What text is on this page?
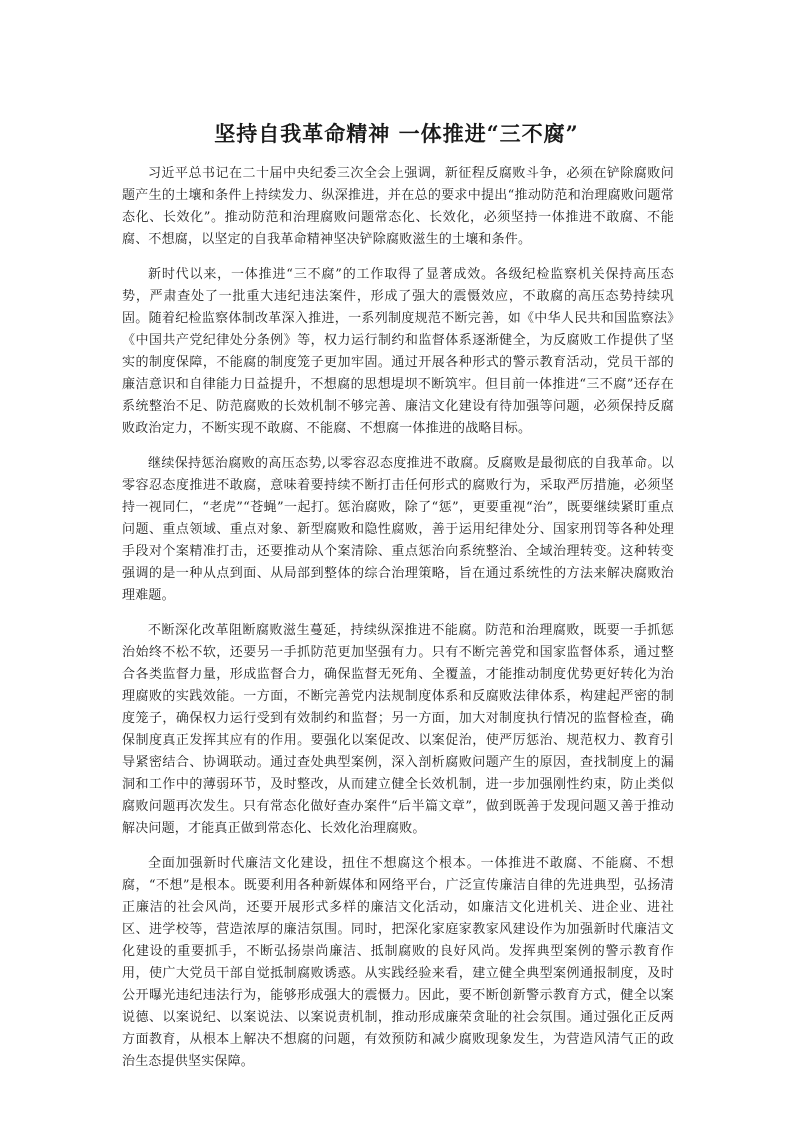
坚持自我革命精神 一体推进“三不腐”

习近平总书记在二十届中央纪委三次全会上强调，新征程反腐败斗争，必须在铲除腐败问题产生的土壤和条件上持续发力、纵深推进，并在总的要求中提出“推动防范和治理腐败问题常态化、长效化”。推动防范和治理腐败问题常态化、长效化，必须坚持一体推进不敢腐、不能腐、不想腐，以坚定的自我革命精神坚决铲除腐败滋生的土壤和条件。

新时代以来，一体推进“三不腐”的工作取得了显著成效。各级纪检监察机关保持高压态势，严肃查处了一批重大违纪违法案件，形成了强大的震慑效应，不敢腐的高压态势持续巩固。随着纪检监察体制改革深入推进，一系列制度规范不断完善，如《中华人民共和国监察法》《中国共产党纪律处分条例》等，权力运行制约和监督体系逐渐健全，为反腐败工作提供了坚实的制度保障，不能腐的制度笼子更加牢固。通过开展各种形式的警示教育活动，党员干部的廉洁意识和自律能力日益提升，不想腐的思想堤坝不断筑牢。但目前一体推进“三不腐”还存在系统整治不足、防范腐败的长效机制不够完善、廉洁文化建设有待加强等问题，必须保持反腐败政治定力，不断实现不敢腐、不能腐、不想腐一体推进的战略目标。

继续保持惩治腐败的高压态势,以零容忍态度推进不敢腐。反腐败是最彻底的自我革命。以零容忍态度推进不敢腐，意味着要持续不断打击任何形式的腐败行为，采取严厉措施，必须坚持一视同仁，“老虎”“苍蝇”一起打。惩治腐败，除了“惩”，更要重视“治”，既要继续紧盯重点问题、重点领域、重点对象、新型腐败和隐性腐败，善于运用纪律处分、国家刑罚等各种处理手段对个案精准打击，还要推动从个案清除、重点惩治向系统整治、全域治理转变。这种转变强调的是一种从点到面、从局部到整体的综合治理策略，旨在通过系统性的方法来解决腐败治理难题。

不断深化改革阻断腐败滋生蔓延，持续纵深推进不能腐。防范和治理腐败，既要一手抓惩治始终不松不软，还要另一手抓防范更加坚强有力。只有不断完善党和国家监督体系，通过整合各类监督力量，形成监督合力，确保监督无死角、全覆盖，才能推动制度优势更好转化为治理腐败的实践效能。一方面，不断完善党内法规制度体系和反腐败法律体系，构建起严密的制度笼子，确保权力运行受到有效制约和监督；另一方面，加大对制度执行情况的监督检查，确保制度真正发挥其应有的作用。要强化以案促改、以案促治，使严厉惩治、规范权力、教育引导紧密结合、协调联动。通过查处典型案例，深入剖析腐败问题产生的原因，查找制度上的漏洞和工作中的薄弱环节，及时整改，从而建立健全长效机制，进一步加强刚性约束，防止类似腐败问题再次发生。只有常态化做好查办案件“后半篇文章”，做到既善于发现问题又善于推动解决问题，才能真正做到常态化、长效化治理腐败。

全面加强新时代廉洁文化建设，扭住不想腐这个根本。一体推进不敢腐、不能腐、不想腐，“不想”是根本。既要利用各种新媒体和网络平台，广泛宣传廉洁自律的先进典型，弘扬清正廉洁的社会风尚，还要开展形式多样的廉洁文化活动，如廉洁文化进机关、进企业、进社区、进学校等，营造浓厚的廉洁氛围。同时，把深化家庭家教家风建设作为加强新时代廉洁文化建设的重要抓手，不断弘扬崇尚廉洁、抵制腐败的良好风尚。发挥典型案例的警示教育作用，使广大党员干部自觉抵制腐败诱惑。从实践经验来看，建立健全典型案例通报制度，及时公开曝光违纪违法行为，能够形成强大的震慑力。因此，要不断创新警示教育方式，健全以案说德、以案说纪、以案说法、以案说责机制，推动形成廉荣贪耻的社会氛围。通过强化正反两方面教育，从根本上解决不想腐的问题，有效预防和减少腐败现象发生，为营造风清气正的政治生态提供坚实保障。
